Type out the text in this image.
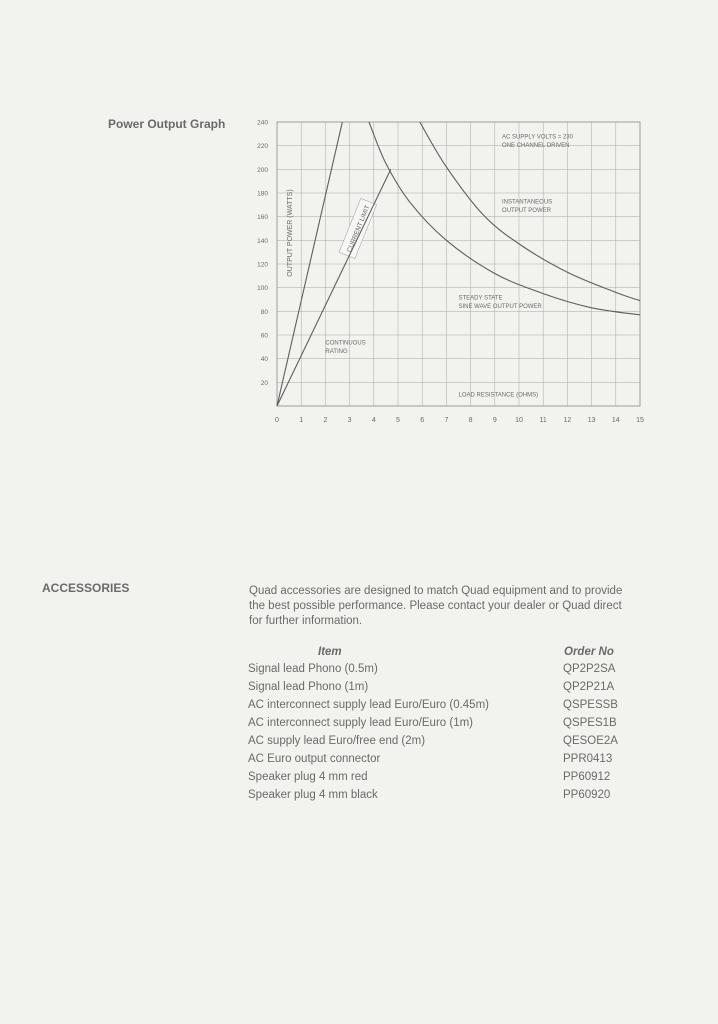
Power Output Graph
CURRENT LIMIT
0	1	2	3	4	5	6	7	8	9	10 11 12 13 14 15
20
40
60
80
100
120
140
160
180
200
220
240
AC SUPPLY VOLTS = 230
ONE CHANNEL DRIVEN
INSTANTANEOUS
OUTPUT POWER
STEADY STATE
SINE WAVE OUTPUT POWER
CONTINUOUS
RATING
LOAD RESISTANCE (OHMS)
OUTPUT POWER (WATTS)
ACCESSORIES	Quad accessories are designed to match Quad equipment and to provide
the best possible performance. Please contact your dealer or Quad direct
for further information.
Item	Order No
Signal lead Phono (0.5m)	QP2P2SA
Signal lead Phono (1m)	QP2P21A
AC interconnect supply lead Euro/Euro (0.45m)	QSPESSB
AC interconnect supply lead Euro/Euro (1m)	QSPES1B
AC supply lead Euro/free end (2m)	QESOE2A
AC Euro output connector	PPR0413
Speaker plug 4 mm red	PP60912
Speaker plug 4 mm black	PP60920
